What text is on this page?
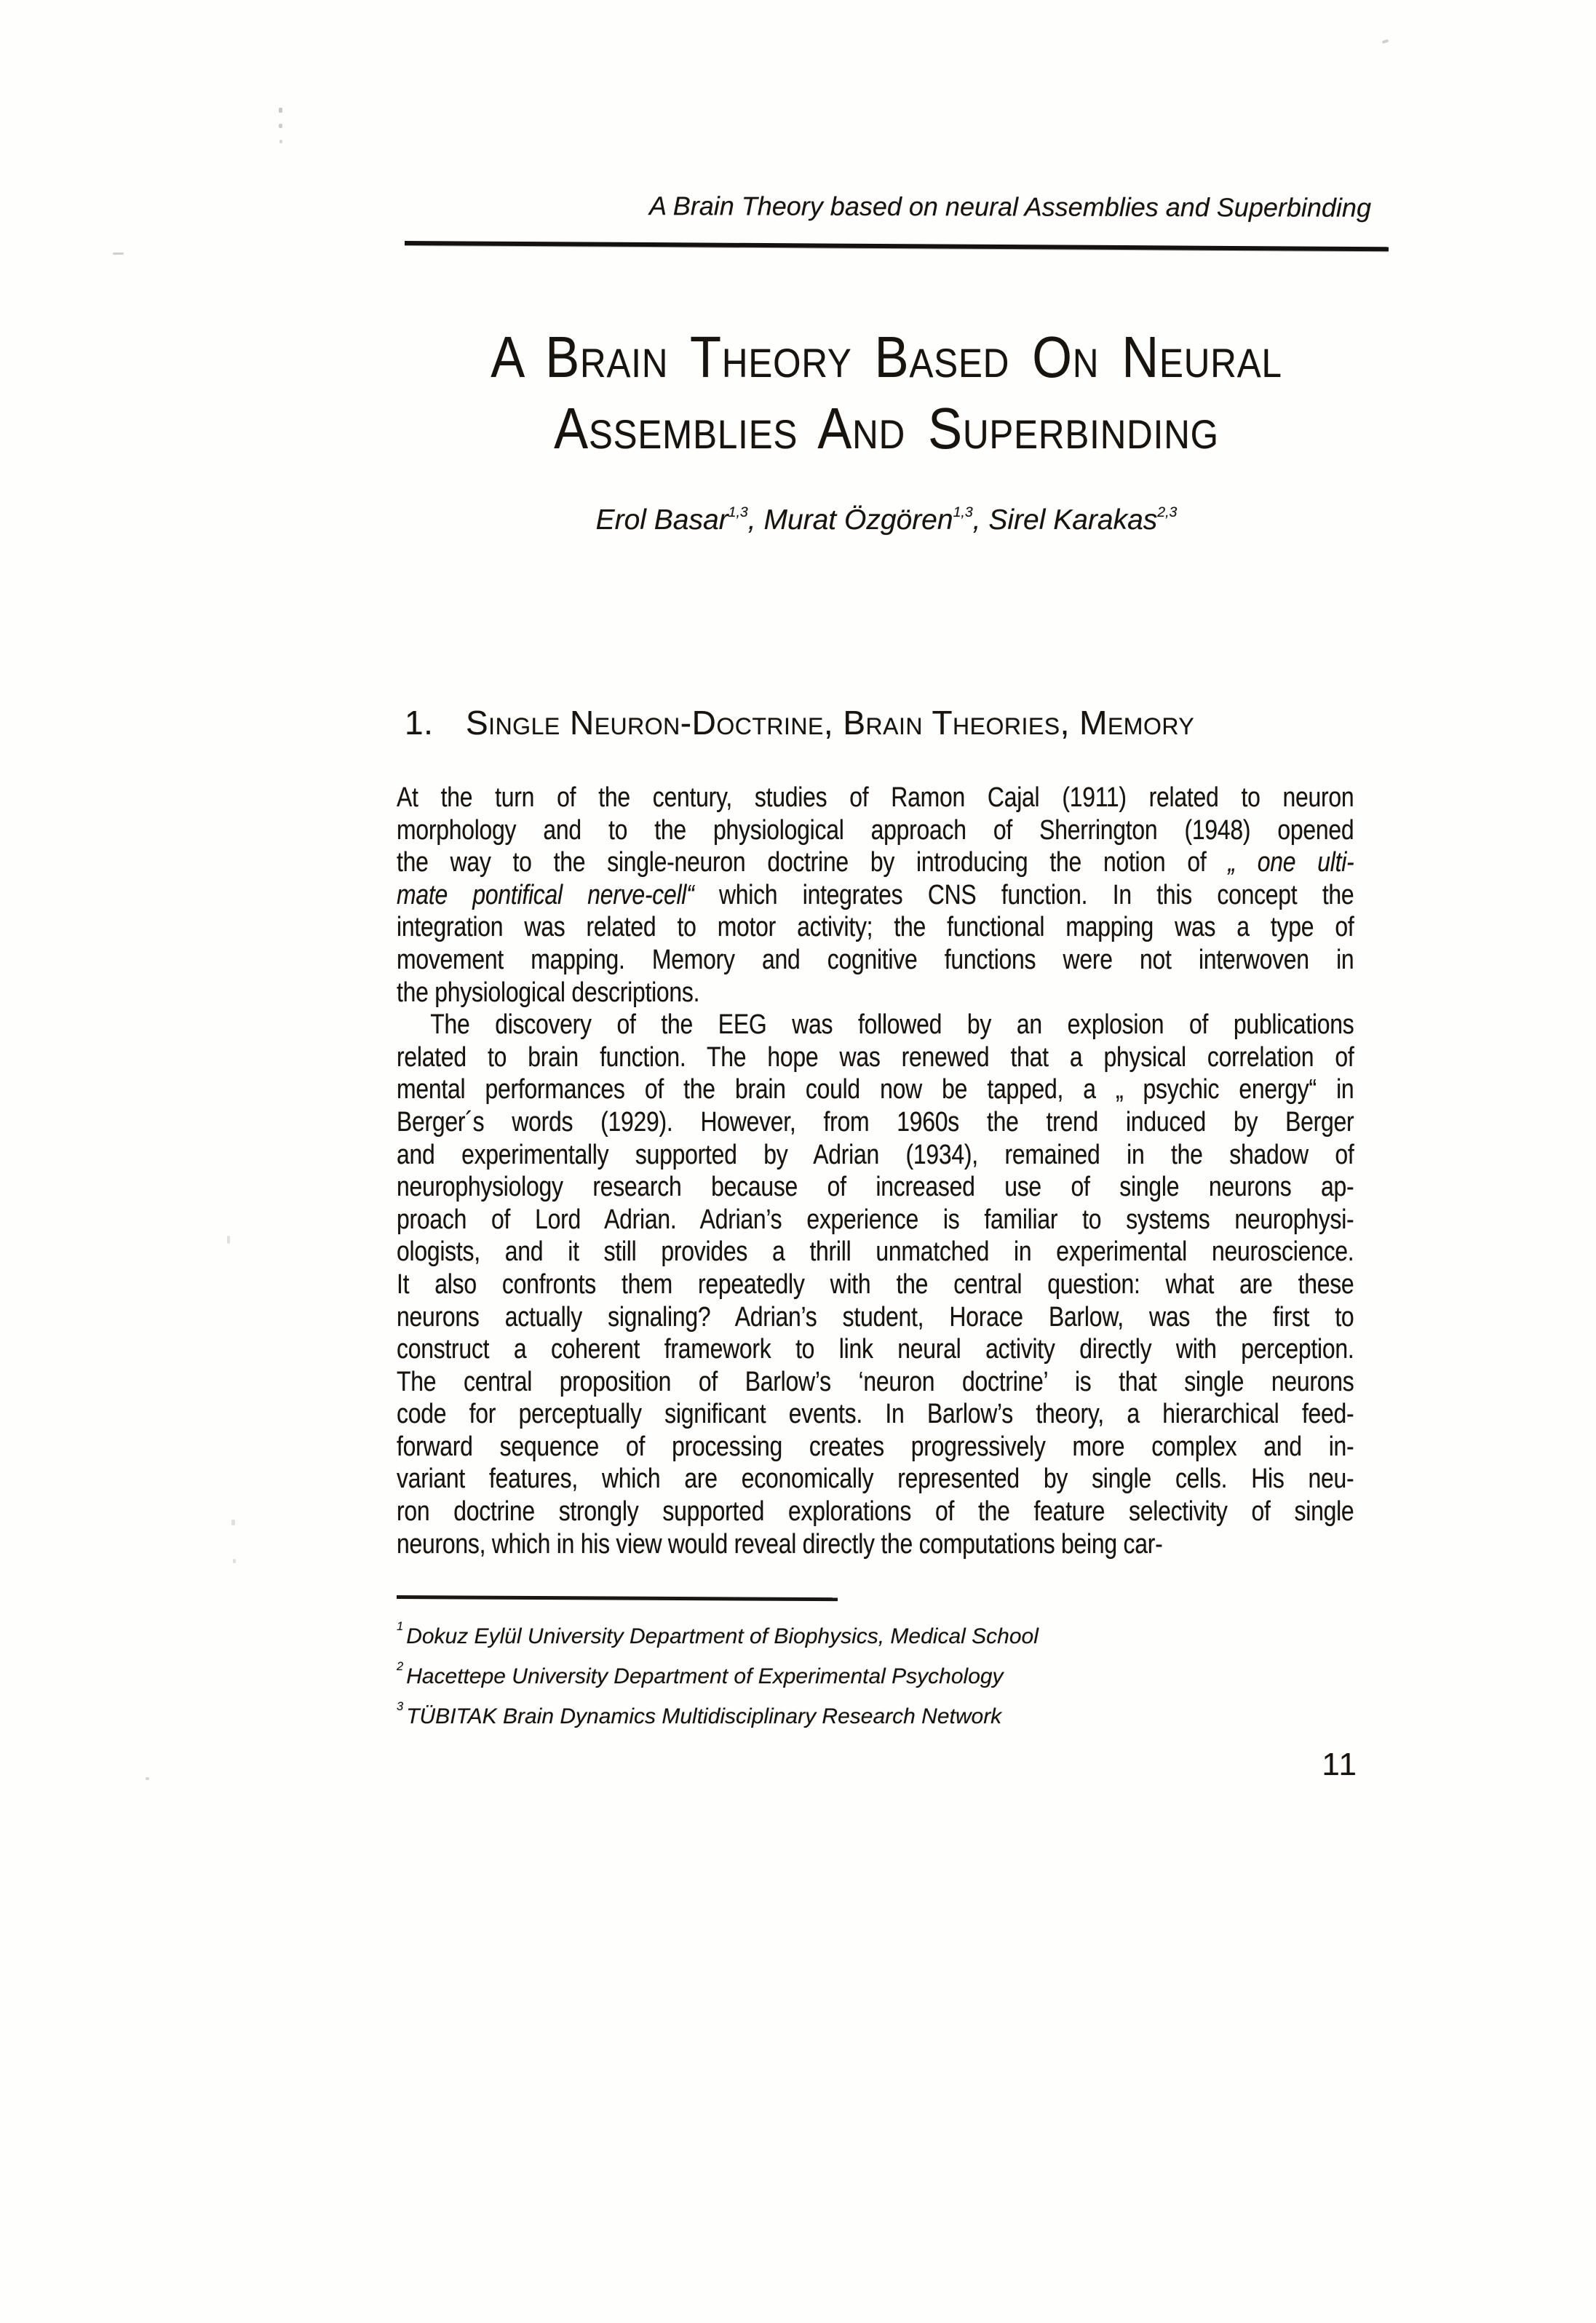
A Brain Theory based on neural Assemblies and Superbinding
A Brain Theory Based On Neural
Assemblies And Superbinding
Erol Basar$^{1,3}$, Murat Özgören$^{1,3}$, Sirel Karakas$^{2,3}$
1. Single Neuron-Doctrine, Brain Theories, Memory
At the turn of the century, studies of Ramon Cajal (1911) related to neuron
morphology and to the physiological approach of Sherrington (1948) opened
the way to the single-neuron doctrine by introducing the notion of „ one ulti-
mate pontifical nerve-cell“ which integrates CNS function. In this concept the
integration was related to motor activity; the functional mapping was a type of
movement mapping. Memory and cognitive functions were not interwoven in
the physiological descriptions.
The discovery of the EEG was followed by an explosion of publications
related to brain function. The hope was renewed that a physical correlation of
mental performances of the brain could now be tapped, a „ psychic energy“ in
Berger´s words (1929). However, from 1960s the trend induced by Berger
and experimentally supported by Adrian (1934), remained in the shadow of
neurophysiology research because of increased use of single neurons ap-
proach of Lord Adrian. Adrian’s experience is familiar to systems neurophysi-
ologists, and it still provides a thrill unmatched in experimental neuroscience.
It also confronts them repeatedly with the central question: what are these
neurons actually signaling? Adrian’s student, Horace Barlow, was the first to
construct a coherent framework to link neural activity directly with perception.
The central proposition of Barlow’s ‘neuron doctrine’ is that single neurons
code for perceptually significant events. In Barlow’s theory, a hierarchical feed-
forward sequence of processing creates progressively more complex and in-
variant features, which are economically represented by single cells. His neu-
ron doctrine strongly supported explorations of the feature selectivity of single
neurons, which in his view would reveal directly the computations being car-
$^1$ Dokuz Eylül University Department of Biophysics, Medical School
$^2$ Hacettepe University Department of Experimental Psychology
$^3$ TÜBITAK Brain Dynamics Multidisciplinary Research Network
11
